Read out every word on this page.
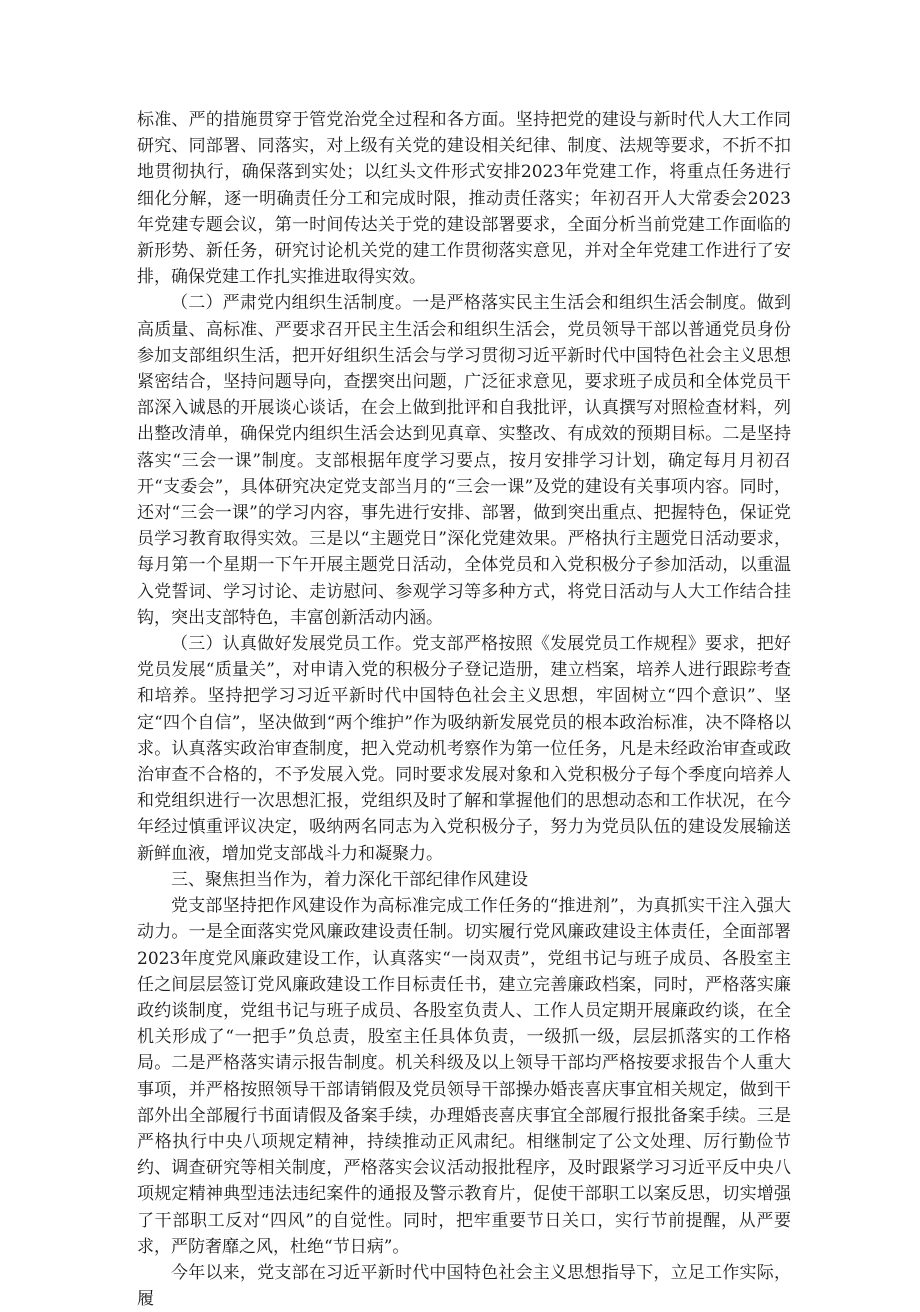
标准、严的措施贯穿于管党治党全过程和各方面。坚持把党的建设与新时代人大工作同研究、同部署、同落实，对上级有关党的建设相关纪律、制度、法规等要求，不折不扣地贯彻执行，确保落到实处；以红头文件形式安排2023年党建工作，将重点任务进行细化分解，逐一明确责任分工和完成时限，推动责任落实；年初召开人大常委会2023年党建专题会议，第一时间传达关于党的建设部署要求，全面分析当前党建工作面临的新形势、新任务，研究讨论机关党的建工作贯彻落实意见，并对全年党建工作进行了安排，确保党建工作扎实推进取得实效。

（二）严肃党内组织生活制度。一是严格落实民主生活会和组织生活会制度。做到高质量、高标准、严要求召开民主生活会和组织生活会，党员领导干部以普通党员身份参加支部组织生活，把开好组织生活会与学习贯彻习近平新时代中国特色社会主义思想紧密结合，坚持问题导向，查摆突出问题，广泛征求意见，要求班子成员和全体党员干部深入诚恳的开展谈心谈话，在会上做到批评和自我批评，认真撰写对照检查材料，列出整改清单，确保党内组织生活会达到见真章、实整改、有成效的预期目标。二是坚持落实“三会一课”制度。支部根据年度学习要点，按月安排学习计划，确定每月月初召开“支委会”，具体研究决定党支部当月的“三会一课”及党的建设有关事项内容。同时，还对“三会一课”的学习内容，事先进行安排、部署，做到突出重点、把握特色，保证党员学习教育取得实效。三是以“主题党日”深化党建效果。严格执行主题党日活动要求，每月第一个星期一下午开展主题党日活动，全体党员和入党积极分子参加活动，以重温入党誓词、学习讨论、走访慰问、参观学习等多种方式，将党日活动与人大工作结合挂钩，突出支部特色，丰富创新活动内涵。

（三）认真做好发展党员工作。党支部严格按照《发展党员工作规程》要求，把好党员发展“质量关”，对申请入党的积极分子登记造册，建立档案，培养人进行跟踪考查和培养。坚持把学习习近平新时代中国特色社会主义思想，牢固树立“四个意识”、坚定“四个自信”，坚决做到“两个维护”作为吸纳新发展党员的根本政治标准，决不降格以求。认真落实政治审查制度，把入党动机考察作为第一位任务，凡是未经政治审查或政治审查不合格的，不予发展入党。同时要求发展对象和入党积极分子每个季度向培养人和党组织进行一次思想汇报，党组织及时了解和掌握他们的思想动态和工作状况，在今年经过慎重评议决定，吸纳两名同志为入党积极分子，努力为党员队伍的建设发展输送新鲜血液，增加党支部战斗力和凝聚力。

三、聚焦担当作为，着力深化干部纪律作风建设

党支部坚持把作风建设作为高标准完成工作任务的“推进剂”，为真抓实干注入强大动力。一是全面落实党风廉政建设责任制。切实履行党风廉政建设主体责任，全面部署2023年度党风廉政建设工作，认真落实“一岗双责”，党组书记与班子成员、各股室主任之间层层签订党风廉政建设工作目标责任书，建立完善廉政档案，同时，严格落实廉政约谈制度，党组书记与班子成员、各股室负责人、工作人员定期开展廉政约谈，在全机关形成了“一把手”负总责，股室主任具体负责，一级抓一级，层层抓落实的工作格局。二是严格落实请示报告制度。机关科级及以上领导干部均严格按要求报告个人重大事项，并严格按照领导干部请销假及党员领导干部操办婚丧喜庆事宜相关规定，做到干部外出全部履行书面请假及备案手续，办理婚丧喜庆事宜全部履行报批备案手续。三是严格执行中央八项规定精神，持续推动正风肃纪。相继制定了公文处理、厉行勤俭节约、调查研究等相关制度，严格落实会议活动报批程序，及时跟紧学习习近平反中央八项规定精神典型违法违纪案件的通报及警示教育片，促使干部职工以案反思，切实增强了干部职工反对“四风”的自觉性。同时，把牢重要节日关口，实行节前提醒，从严要求，严防奢靡之风，杜绝“节日病”。

今年以来，党支部在习近平新时代中国特色社会主义思想指导下，立足工作实际，履
